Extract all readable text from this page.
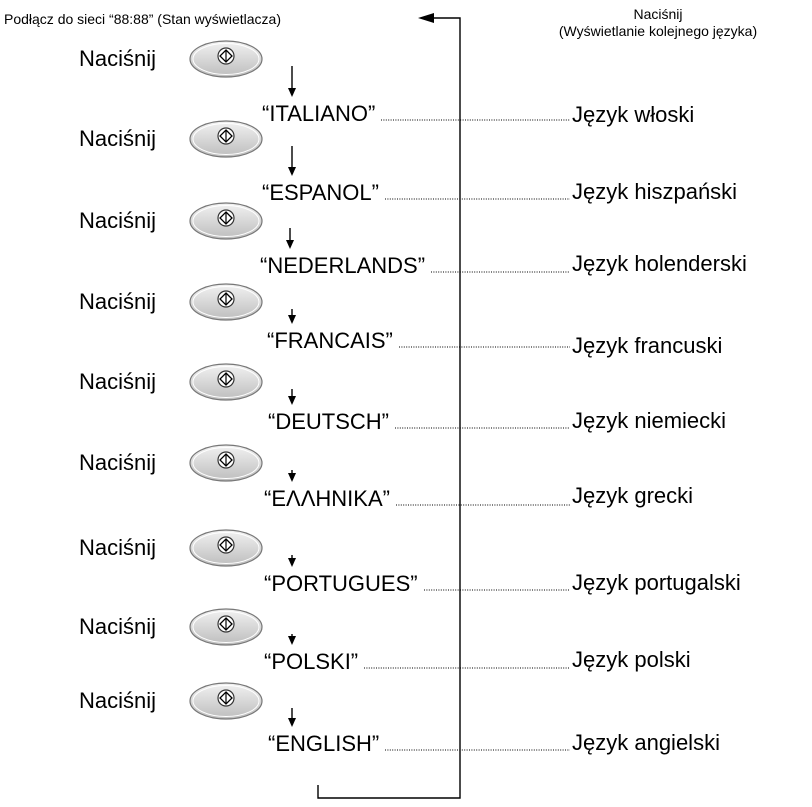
Podłącz do sieci “88:88” (Stan wyświetlacza)	Naciśnij
(Wyświetlanie kolejnego języka)
Naciśnij
“ITALIANO”	Język włoski
Naciśnij
“ESPANOL”	Język hiszpański
Naciśnij
“NEDERLANDS”	Język holenderski
Naciśnij
“FRANCAIS”	Język francuski
Naciśnij
“DEUTSCH”	Język niemiecki
Naciśnij
“ΕΛΛΗΝΙΚΑ”	Język grecki
Naciśnij
“PORTUGUES”	Język portugalski
Naciśnij
“POLSKI”	Język polski
Naciśnij
“ENGLISH”	Język angielski
